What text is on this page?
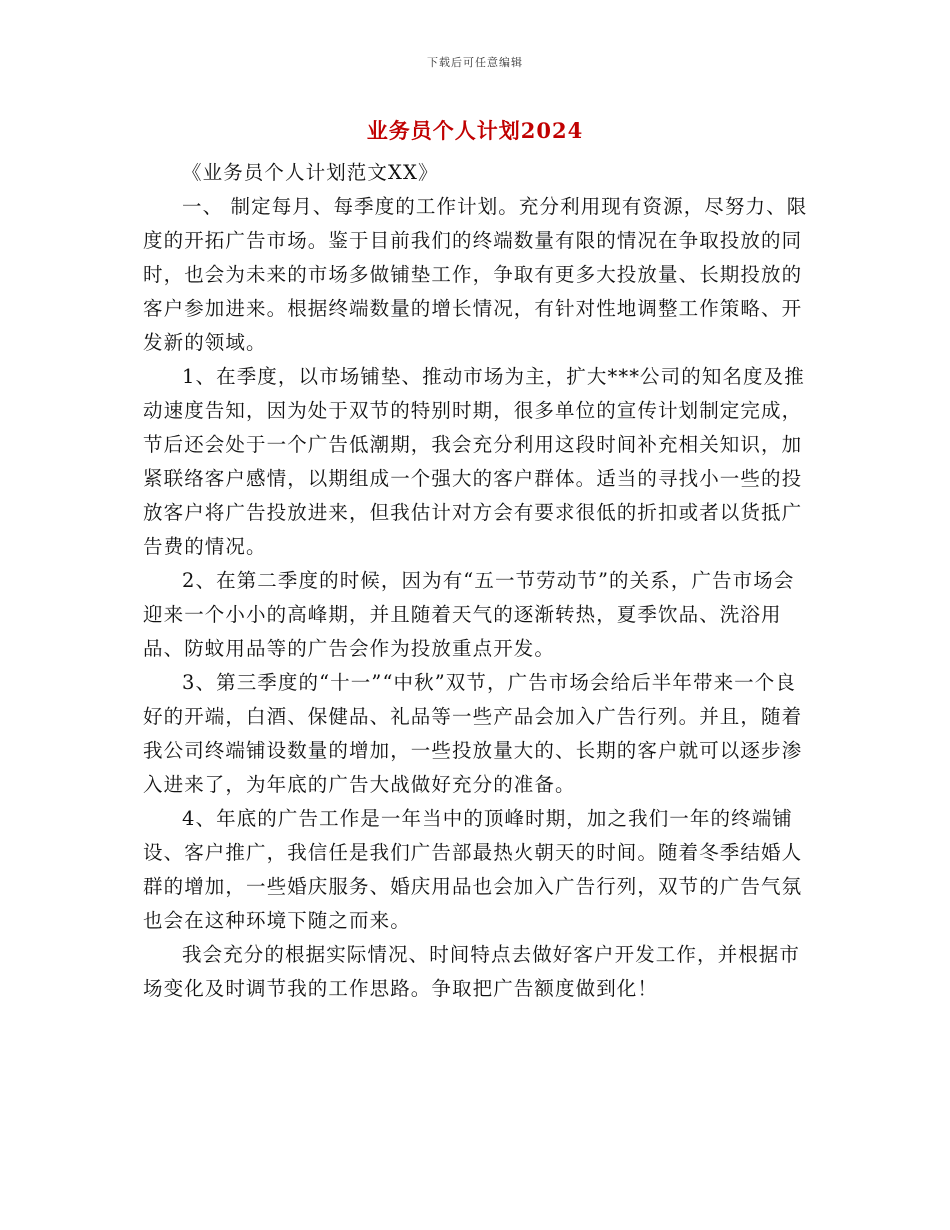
下载后可任意编辑
业务员个人计划2024

《业务员个人计划范文XX》

一、 制定每月、每季度的工作计划。充分利用现有资源，尽努力、限度的开拓广告市场。鉴于目前我们的终端数量有限的情况在争取投放的同时，也会为未来的市场多做铺垫工作，争取有更多大投放量、长期投放的客户参加进来。根据终端数量的增长情况，有针对性地调整工作策略、开发新的领域。

1、在季度，以市场铺垫、推动市场为主，扩大***公司的知名度及推动速度告知，因为处于双节的特别时期，很多单位的宣传计划制定完成，节后还会处于一个广告低潮期，我会充分利用这段时间补充相关知识，加紧联络客户感情，以期组成一个强大的客户群体。适当的寻找小一些的投放客户将广告投放进来，但我估计对方会有要求很低的折扣或者以货抵广告费的情况。

2、在第二季度的时候，因为有“五一节劳动节”的关系，广告市场会迎来一个小小的高峰期，并且随着天气的逐渐转热，夏季饮品、洗浴用品、防蚊用品等的广告会作为投放重点开发。

3、第三季度的“十一”“中秋”双节，广告市场会给后半年带来一个良好的开端，白酒、保健品、礼品等一些产品会加入广告行列。并且，随着我公司终端铺设数量的增加，一些投放量大的、长期的客户就可以逐步渗入进来了，为年底的广告大战做好充分的准备。

4、年底的广告工作是一年当中的顶峰时期，加之我们一年的终端铺设、客户推广，我信任是我们广告部最热火朝天的时间。随着冬季结婚人群的增加，一些婚庆服务、婚庆用品也会加入广告行列，双节的广告气氛也会在这种环境下随之而来。

我会充分的根据实际情况、时间特点去做好客户开发工作，并根据市场变化及时调节我的工作思路。争取把广告额度做到化！
